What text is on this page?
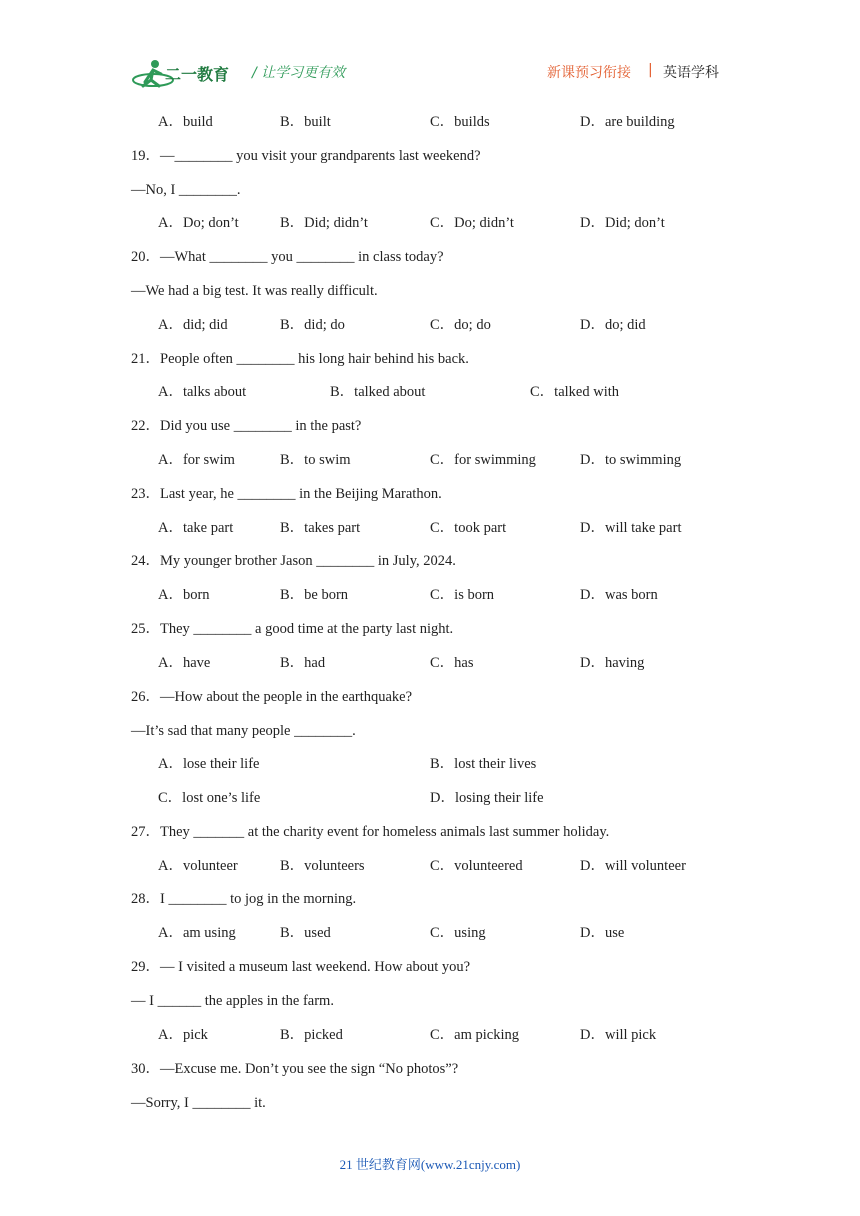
二一教育 / 让学习更有效	新课预习衔接 | 英语学科
A．build	B．built	C．builds	D．are building
19．—________ you visit your grandparents last weekend?
—No, I ________.
A．Do; don’t	B．Did; didn’t	C．Do; didn’t	D．Did; don’t
20．—What ________ you ________ in class today?
—We had a big test. It was really difficult.
A．did; did	B．did; do	C．do; do	D．do; did
21．People often ________ his long hair behind his back.
A．talks about	B．talked about	C．talked with
22．Did you use ________ in the past?
A．for swim	B．to swim	C．for swimming	D．to swimming
23．Last year, he ________ in the Beijing Marathon.
A．take part	B．takes part	C．took part	D．will take part
24．My younger brother Jason ________ in July, 2024.
A．born	B．be born	C．is born	D．was born
25．They ________ a good time at the party last night.
A．have	B．had	C．has	D．having
26．—How about the people in the earthquake?
—It’s sad that many people ________.
A．lose their life	B．lost their lives
C．lost one’s life	D．losing their life
27．They _______ at the charity event for homeless animals last summer holiday.
A．volunteer	B．volunteers	C．volunteered	D．will volunteer
28．I ________ to jog in the morning.
A．am using	B．used	C．using	D．use
29．— I visited a museum last weekend. How about you?
— I ______ the apples in the farm.
A．pick	B．picked	C．am picking	D．will pick
30．—Excuse me. Don’t you see the sign “No photos”?
—Sorry, I ________ it.
21 世纪教育网(www.21cnjy.com)
